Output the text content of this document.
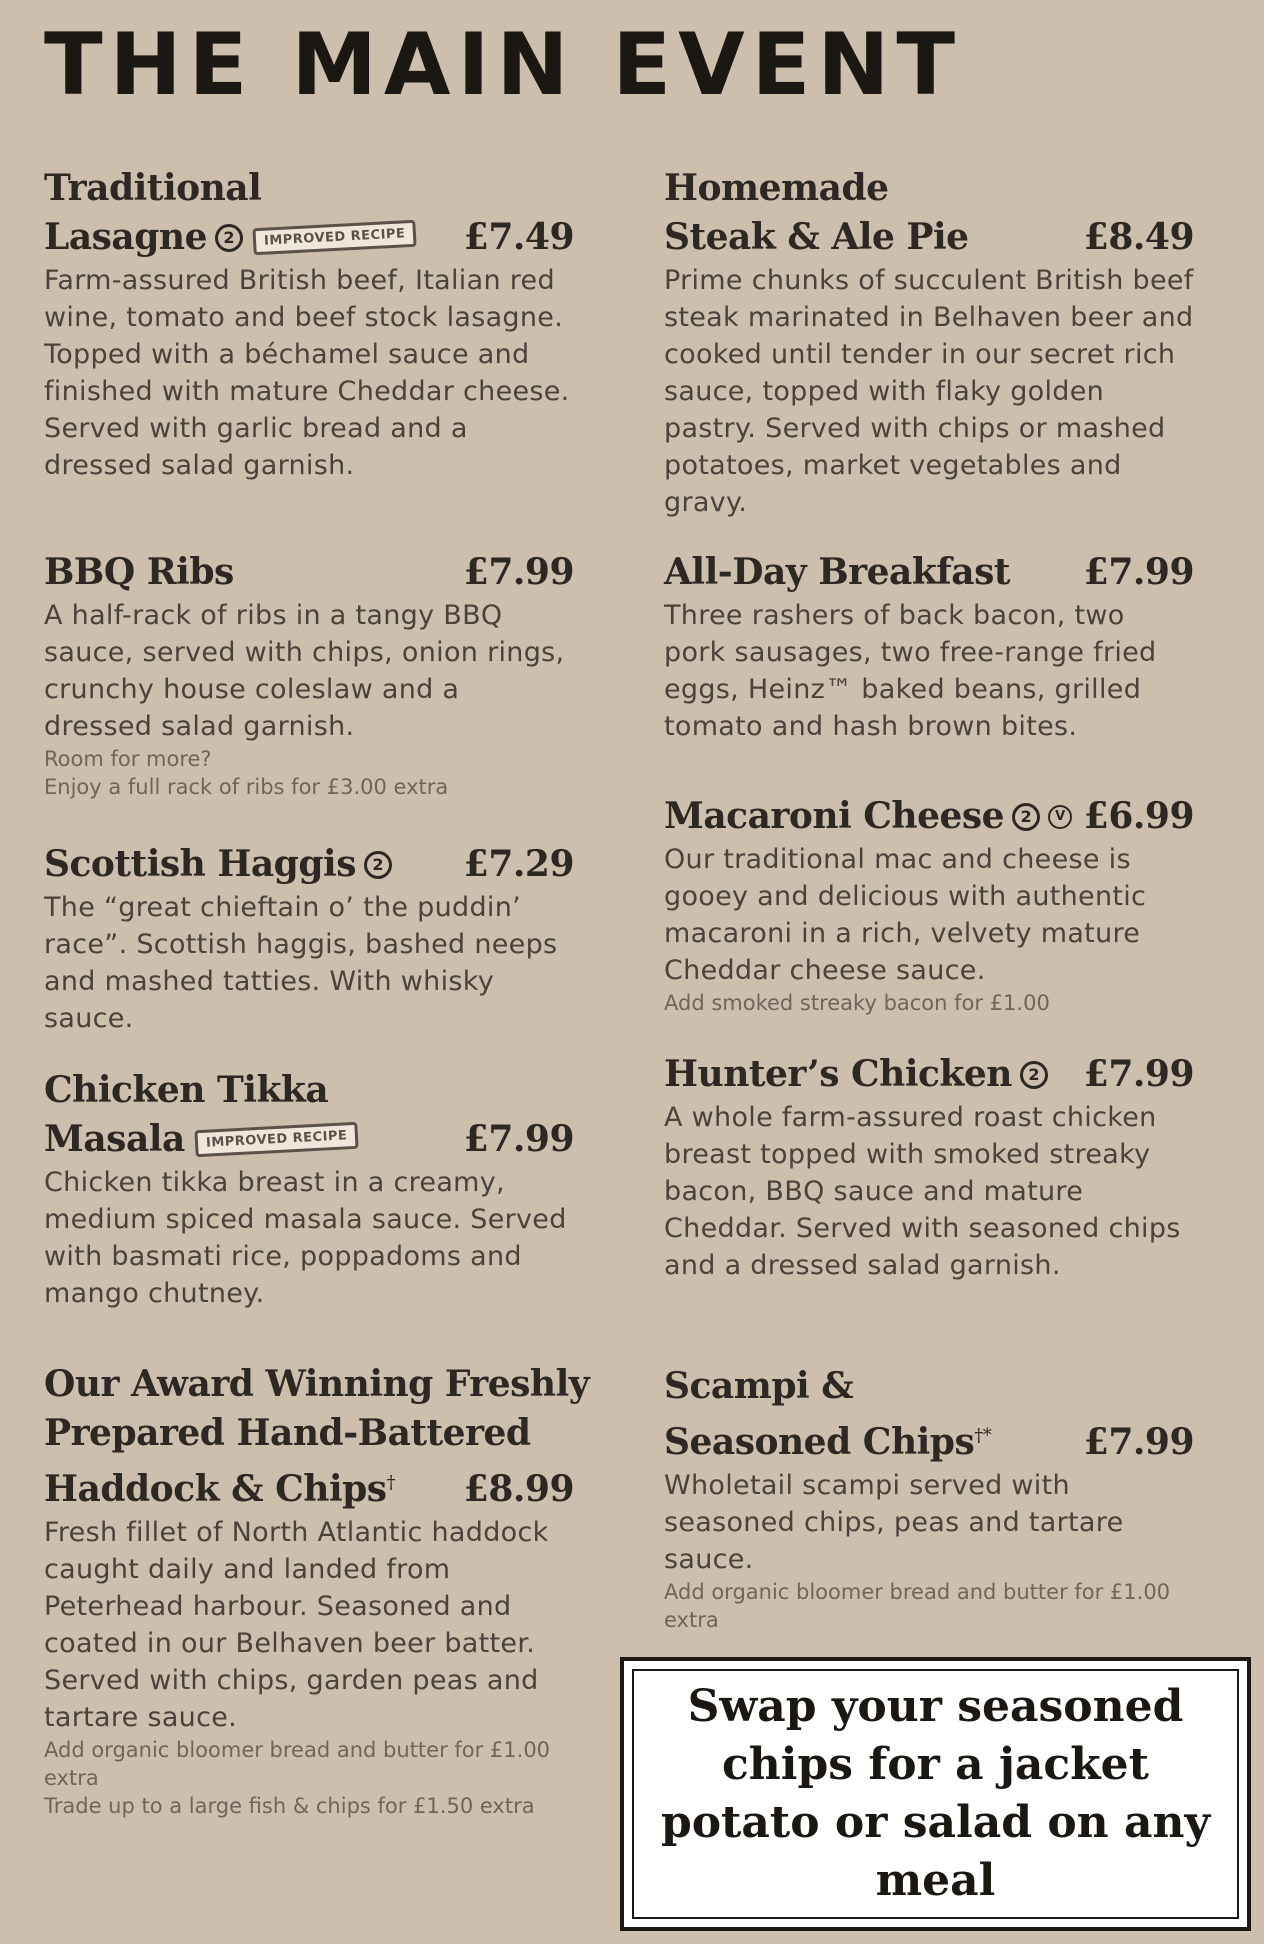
THE MAIN EVENT
Traditional
Lasagne	2	IMPROVED RECIPE	£7.49

Farm-assured British beef, Italian red wine, tomato and beef stock lasagne. Topped with a béchamel sauce and finished with mature Cheddar cheese. Served with garlic bread and a dressed salad garnish.

BBQ Ribs	£7.99

A half-rack of ribs in a tangy BBQ sauce, served with chips, onion rings, crunchy house coleslaw and a dressed salad garnish.

Room for more?

Enjoy a full rack of ribs for £3.00 extra

Scottish Haggis	2 £7.29

The “great chieftain o’ the puddin’ race”. Scottish haggis, bashed neeps and mashed tatties. With whisky sauce.

Chicken Tikka
Masala	IMPROVED RECIPE	£7.99

Chicken tikka breast in a creamy, medium spiced masala sauce. Served with basmati rice, poppadoms and mango chutney.

Our Award Winning Freshly
Prepared Hand-Battered
Haddock & Chips† £8.99

Fresh fillet of North Atlantic haddock caught daily and landed from Peterhead harbour. Seasoned and coated in our Belhaven beer batter. Served with chips, garden peas and tartare sauce.

Add organic bloomer bread and butter for £1.00 extra

Trade up to a large fish & chips for £1.50 extra

Homemade
Steak & Ale Pie	£8.49

Prime chunks of succulent British beef steak marinated in Belhaven beer and cooked until tender in our secret rich sauce, topped with flaky golden pastry. Served with chips or mashed potatoes, market vegetables and gravy.

All-Day Breakfast £7.99

Three rashers of back bacon, two pork sausages, two free-range fried eggs, Heinz™ baked beans, grilled tomato and hash brown bites.

Macaroni Cheese	2	V £6.99

Our traditional mac and cheese is gooey and delicious with authentic macaroni in a rich, velvety mature Cheddar cheese sauce.

Add smoked streaky bacon for £1.00

Hunter’s Chicken	2 £7.99

A whole farm-assured roast chicken breast topped with smoked streaky bacon, BBQ sauce and mature Cheddar. Served with seasoned chips and a dressed salad garnish.

Scampi &
Seasoned Chips†*	£7.99

Wholetail scampi served with seasoned chips, peas and tartare sauce.

Add organic bloomer bread and butter for £1.00 extra

Swap your seasoned chips for a jacket potato or salad on any meal
